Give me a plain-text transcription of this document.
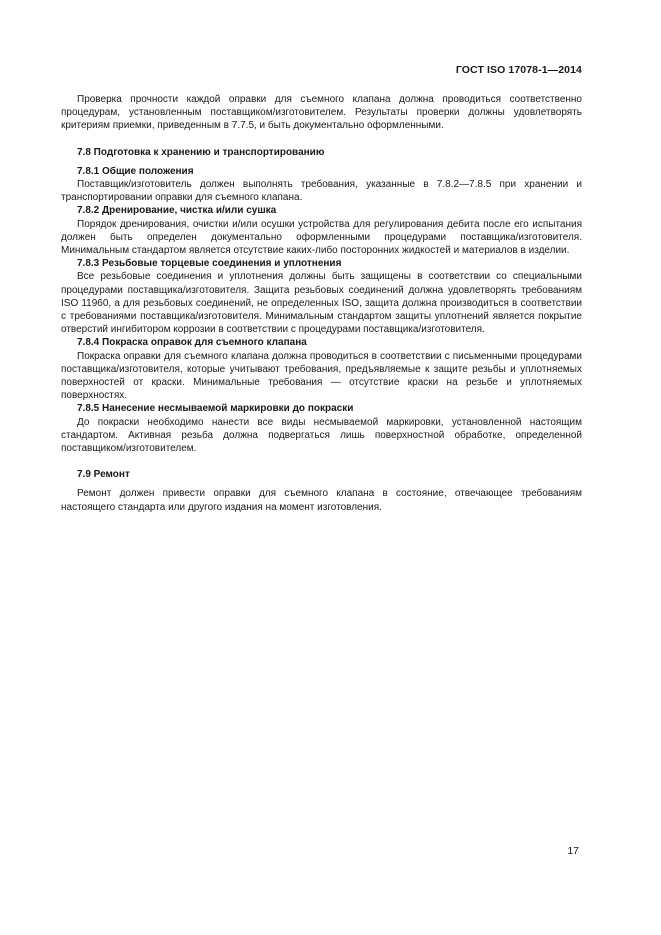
ГОСТ ISO 17078-1—2014

Проверка прочности каждой оправки для съемного клапана должна проводиться соответственно процедурам, установленным поставщиком/изготовителем. Результаты проверки должны удовлетворять критериям приемки, приведенным в 7.7.5, и быть документально оформленными.

7.8 Подготовка к хранению и транспортированию
7.8.1 Общие положения

Поставщик/изготовитель должен выполнять требования, указанные в 7.8.2—7.8.5 при хранении и транспортировании оправки для съемного клапана.

7.8.2 Дренирование, чистка и/или сушка

Порядок дренирования, очистки и/или осушки устройства для регулирования дебита после его испытания должен быть определен документально оформленными процедурами поставщика/изготовителя. Минимальным стандартом является отсутствие каких-либо посторонних жидкостей и материалов в изделии.

7.8.3 Резьбовые торцевые соединения и уплотнения

Все резьбовые соединения и уплотнения должны быть защищены в соответствии со специальными процедурами поставщика/изготовителя. Защита резьбовых соединений должна удовлетворять требованиям ISO 11960, а для резьбовых соединений, не определенных ISO, защита должна производиться в соответствии с требованиями поставщика/изготовителя. Минимальным стандартом защиты уплотнений является покрытие отверстий ингибитором коррозии в соответствии с процедурами поставщика/изготовителя.

7.8.4 Покраска оправок для съемного клапана

Покраска оправки для съемного клапана должна проводиться в соответствии с письменными процедурами поставщика/изготовителя, которые учитывают требования, предъявляемые к защите резьбы и уплотняемых поверхностей от краски. Минимальные требования — отсутствие краски на резьбе и уплотняемых поверхностях.

7.8.5 Нанесение несмываемой маркировки до покраски

До покраски необходимо нанести все виды несмываемой маркировки, установленной настоящим стандартом. Активная резьба должна подвергаться лишь поверхностной обработке, определенной поставщиком/изготовителем.

7.9 Ремонт

Ремонт должен привести оправки для съемного клапана в состояние, отвечающее требованиям настоящего стандарта или другого издания на момент изготовления.

17
